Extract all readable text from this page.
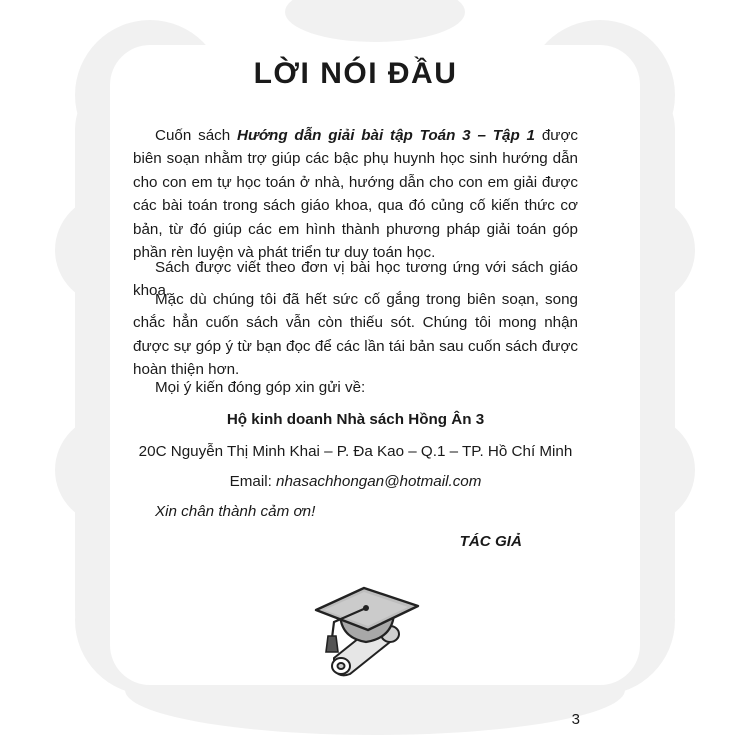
LỜI NÓI ĐẦU

Cuốn sách Hướng dẫn giải bài tập Toán 3 – Tập 1 được biên soạn nhằm trợ giúp các bậc phụ huynh học sinh hướng dẫn cho con em tự học toán ở nhà, hướng dẫn cho con em giải được các bài toán trong sách giáo khoa, qua đó củng cố kiến thức cơ bản, từ đó giúp các em hình thành phương pháp giải toán góp phần rèn luyện và phát triển tư duy toán học.

Sách được viết theo đơn vị bài học tương ứng với sách giáo khoa.

Mặc dù chúng tôi đã hết sức cố gắng trong biên soạn, song chắc hẳn cuốn sách vẫn còn thiếu sót. Chúng tôi mong nhận được sự góp ý từ bạn đọc để các lần tái bản sau cuốn sách được hoàn thiện hơn.

Mọi ý kiến đóng góp xin gửi về:

Hộ kinh doanh Nhà sách Hồng Ân 3

20C Nguyễn Thị Minh Khai – P. Đa Kao – Q.1 – TP. Hồ Chí Minh

Email: nhasachhongan@hotmail.com

Xin chân thành cảm ơn!

TÁC GIẢ

3
